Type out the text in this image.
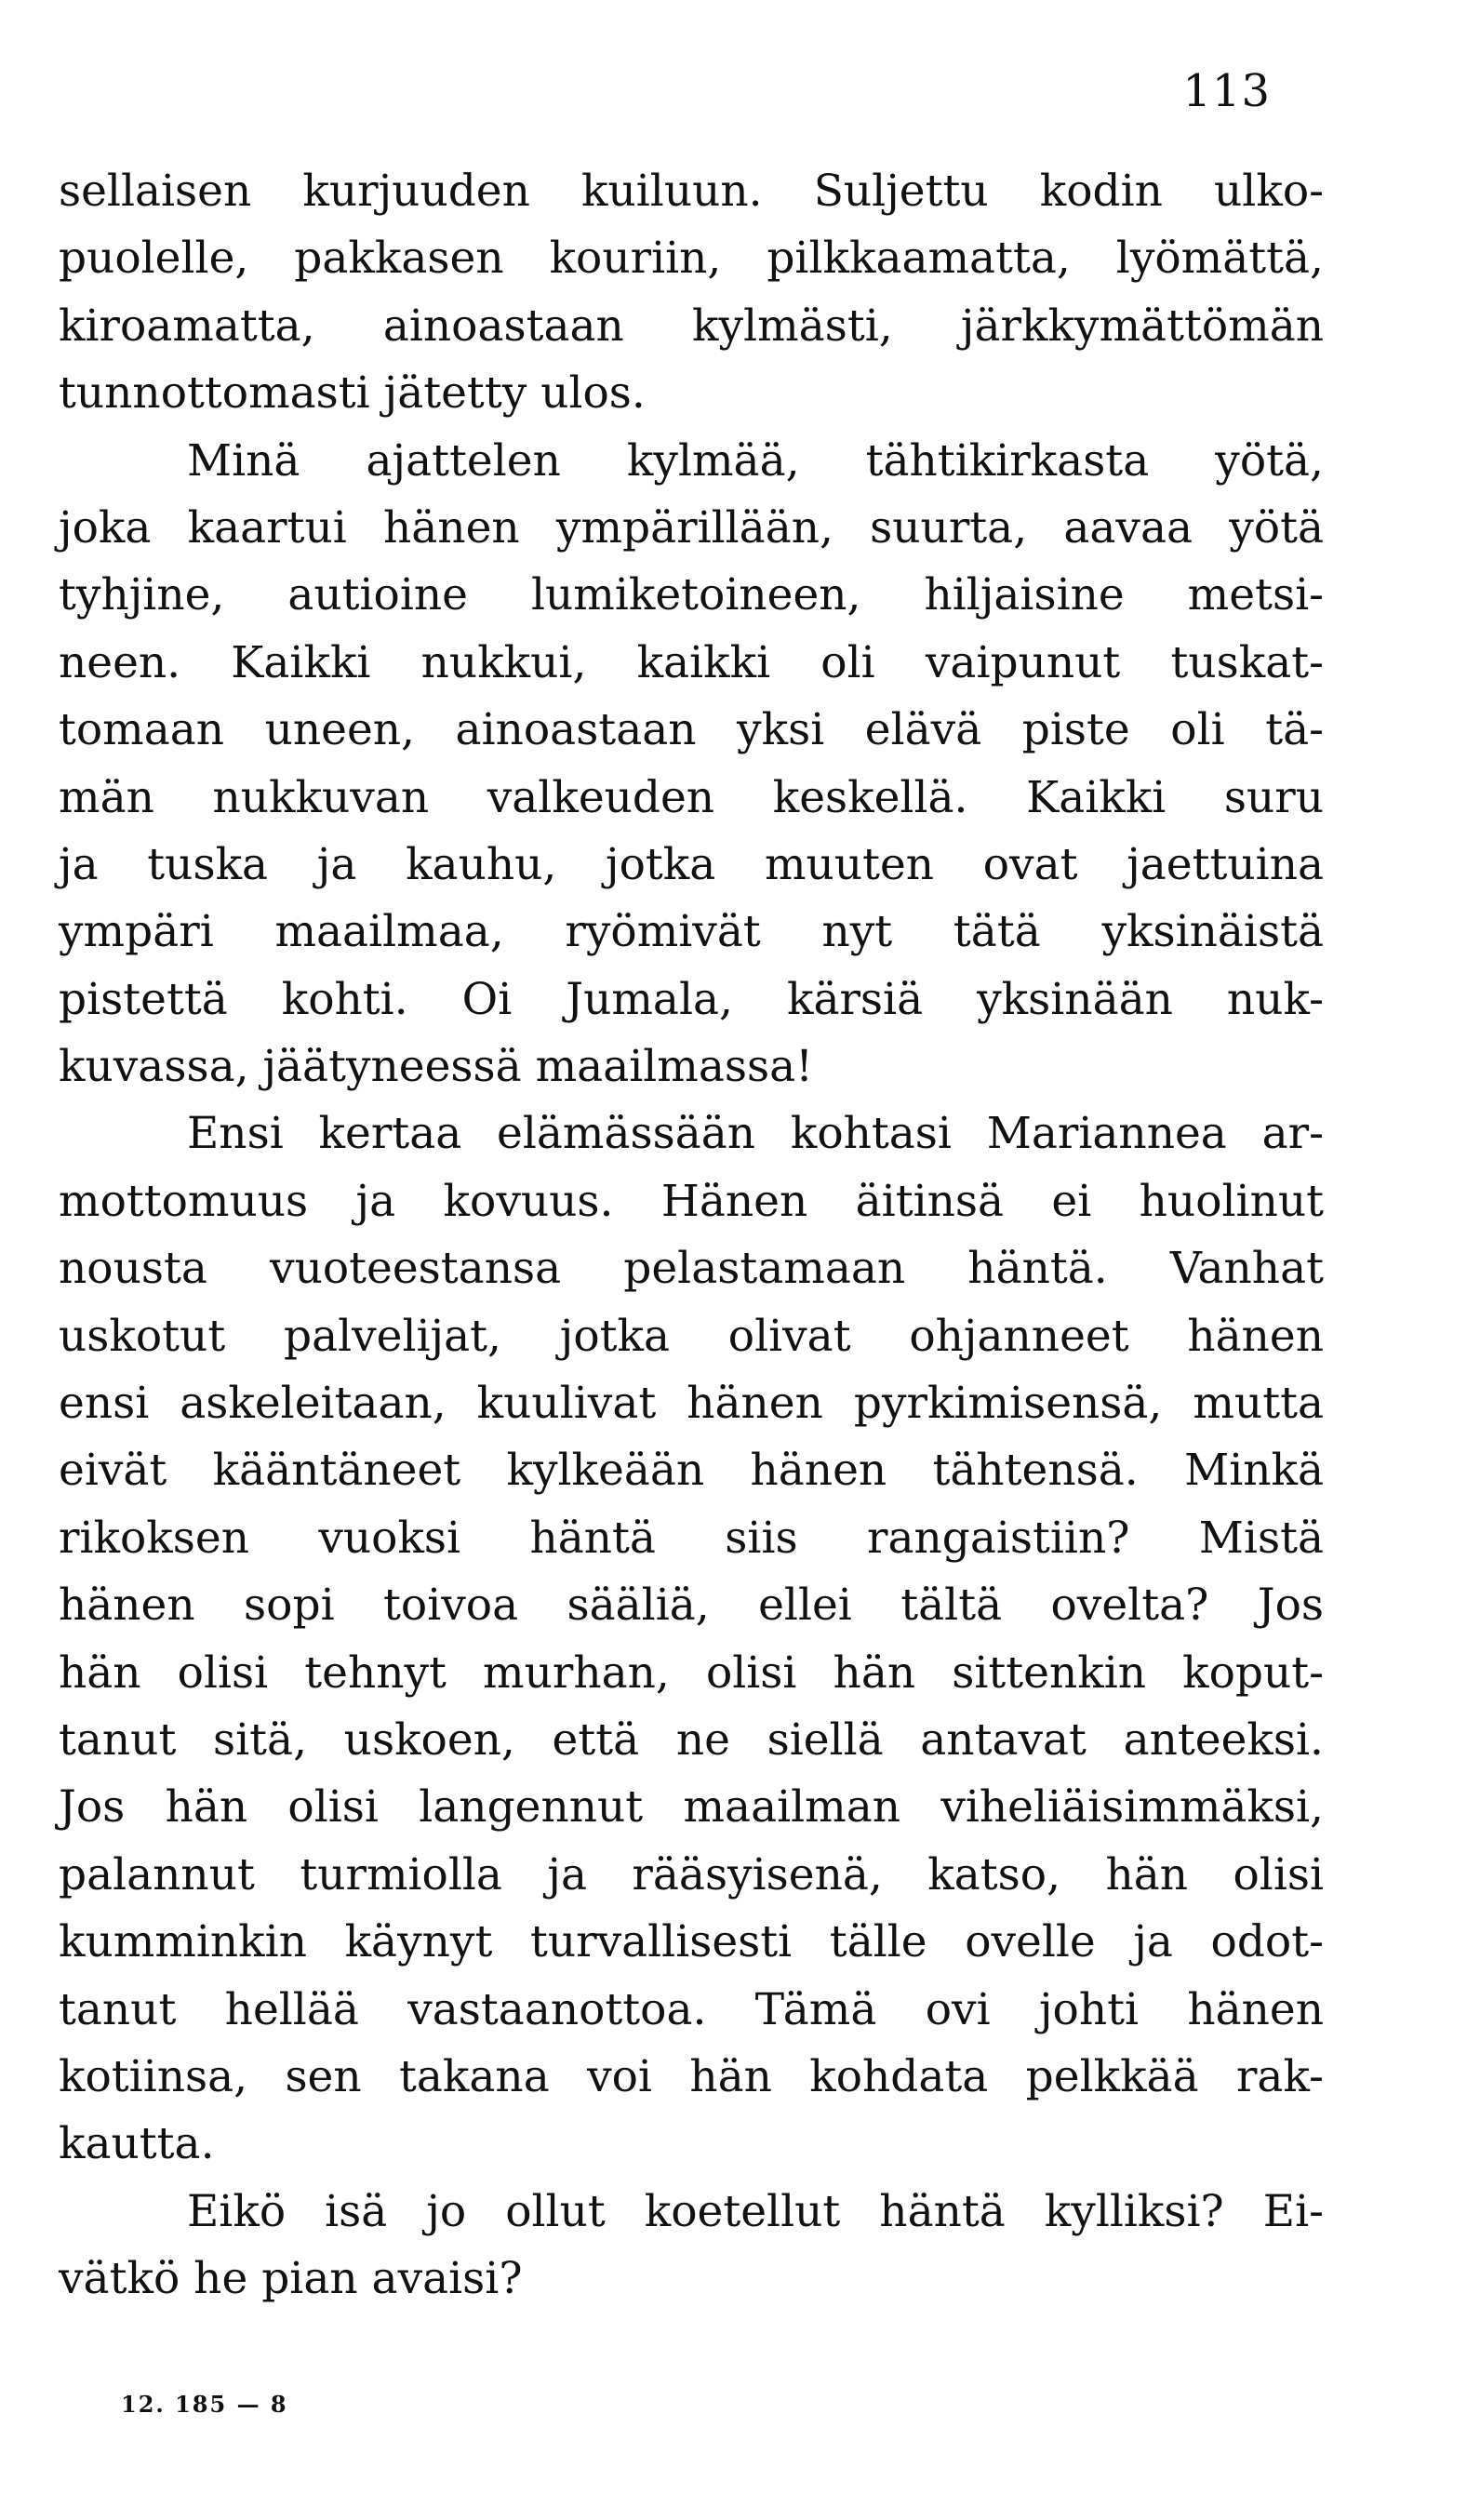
113
sellaisen kurjuuden kuiluun. Suljettu kodin ulko-
puolelle, pakkasen kouriin, pilkkaamatta, lyömättä,
kiroamatta, ainoastaan kylmästi, järkkymättömän
tunnottomasti jätetty ulos.
Minä ajattelen kylmää, tähtikirkasta yötä,
joka kaartui hänen ympärillään, suurta, aavaa yötä
tyhjine, autioine lumiketoineen, hiljaisine metsi-
neen. Kaikki nukkui, kaikki oli vaipunut tuskat-
tomaan uneen, ainoastaan yksi elävä piste oli tä-
män nukkuvan valkeuden keskellä. Kaikki suru
ja tuska ja kauhu, jotka muuten ovat jaettuina
ympäri maailmaa, ryömivät nyt tätä yksinäistä
pistettä kohti. Oi Jumala, kärsiä yksinään nuk-
kuvassa, jäätyneessä maailmassa!
Ensi kertaa elämässään kohtasi Mariannea ar-
mottomuus ja kovuus. Hänen äitinsä ei huolinut
nousta vuoteestansa pelastamaan häntä. Vanhat
uskotut palvelijat, jotka olivat ohjanneet hänen
ensi askeleitaan, kuulivat hänen pyrkimisensä, mutta
eivät kääntäneet kylkeään hänen tähtensä. Minkä
rikoksen vuoksi häntä siis rangaistiin? Mistä
hänen sopi toivoa sääliä, ellei tältä ovelta? Jos
hän olisi tehnyt murhan, olisi hän sittenkin koput-
tanut sitä, uskoen, että ne siellä antavat anteeksi.
Jos hän olisi langennut maailman viheliäisimmäksi,
palannut turmiolla ja rääsyisenä, katso, hän olisi
kumminkin käynyt turvallisesti tälle ovelle ja odot-
tanut hellää vastaanottoa. Tämä ovi johti hänen
kotiinsa, sen takana voi hän kohdata pelkkää rak-
kautta.
Eikö isä jo ollut koetellut häntä kylliksi? Ei-
vätkö he pian avaisi?
12. 185 — 8
